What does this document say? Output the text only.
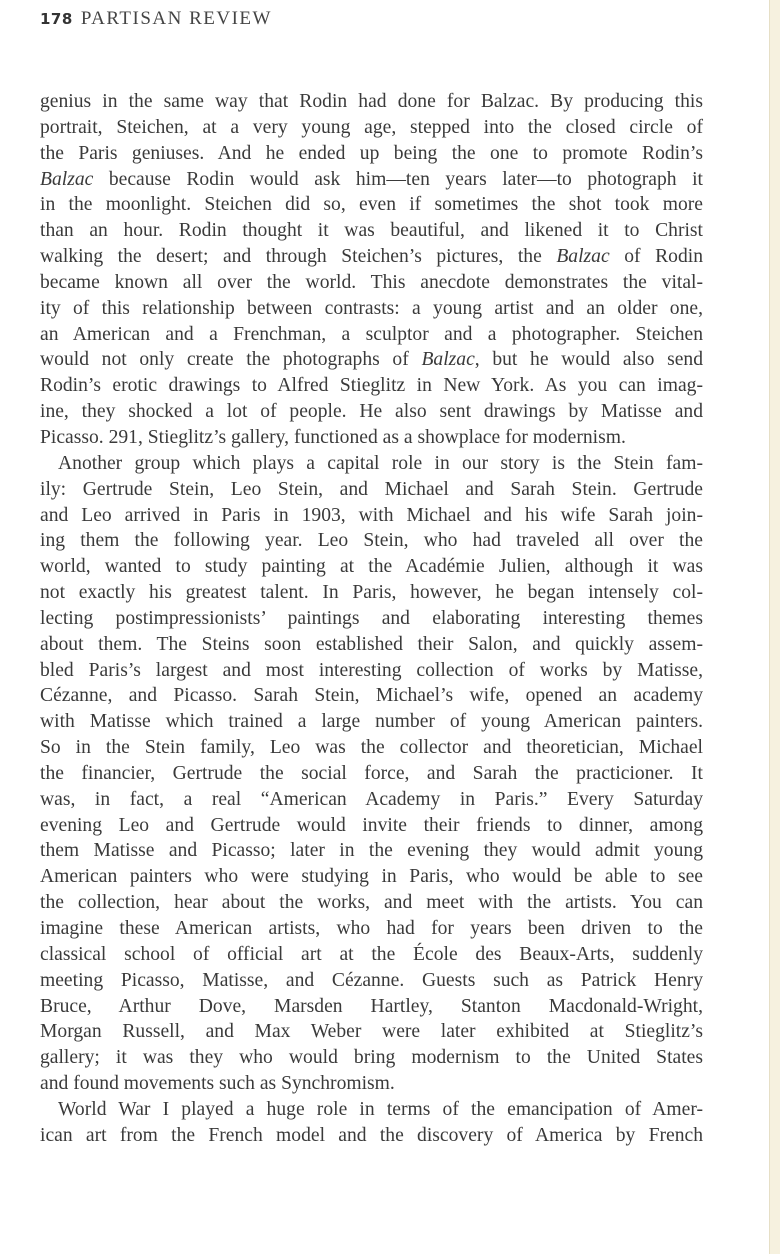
178 PARTISAN REVIEW
genius in the same way that Rodin had done for Balzac. By producing this
portrait, Steichen, at a very young age, stepped into the closed circle of
the Paris geniuses. And he ended up being the one to promote Rodin’s
Balzac because Rodin would ask him—ten years later—to photograph it
in the moonlight. Steichen did so, even if sometimes the shot took more
than an hour. Rodin thought it was beautiful, and likened it to Christ
walking the desert; and through Steichen’s pictures, the Balzac of Rodin
became known all over the world. This anecdote demonstrates the vital-
ity of this relationship between contrasts: a young artist and an older one,
an American and a Frenchman, a sculptor and a photographer. Steichen
would not only create the photographs of Balzac, but he would also send
Rodin’s erotic drawings to Alfred Stieglitz in New York. As you can imag-
ine, they shocked a lot of people. He also sent drawings by Matisse and
Picasso. 291, Stieglitz’s gallery, functioned as a showplace for modernism.
Another group which plays a capital role in our story is the Stein fam-
ily: Gertrude Stein, Leo Stein, and Michael and Sarah Stein. Gertrude
and Leo arrived in Paris in 1903, with Michael and his wife Sarah join-
ing them the following year. Leo Stein, who had traveled all over the
world, wanted to study painting at the Académie Julien, although it was
not exactly his greatest talent. In Paris, however, he began intensely col-
lecting postimpressionists’ paintings and elaborating interesting themes
about them. The Steins soon established their Salon, and quickly assem-
bled Paris’s largest and most interesting collection of works by Matisse,
Cézanne, and Picasso. Sarah Stein, Michael’s wife, opened an academy
with Matisse which trained a large number of young American painters.
So in the Stein family, Leo was the collector and theoretician, Michael
the financier, Gertrude the social force, and Sarah the practicioner. It
was, in fact, a real “American Academy in Paris.” Every Saturday
evening Leo and Gertrude would invite their friends to dinner, among
them Matisse and Picasso; later in the evening they would admit young
American painters who were studying in Paris, who would be able to see
the collection, hear about the works, and meet with the artists. You can
imagine these American artists, who had for years been driven to the
classical school of official art at the École des Beaux-Arts, suddenly
meeting Picasso, Matisse, and Cézanne. Guests such as Patrick Henry
Bruce, Arthur Dove, Marsden Hartley, Stanton Macdonald-Wright,
Morgan Russell, and Max Weber were later exhibited at Stieglitz’s
gallery; it was they who would bring modernism to the United States
and found movements such as Synchromism.
World War I played a huge role in terms of the emancipation of Amer-
ican art from the French model and the discovery of America by French
